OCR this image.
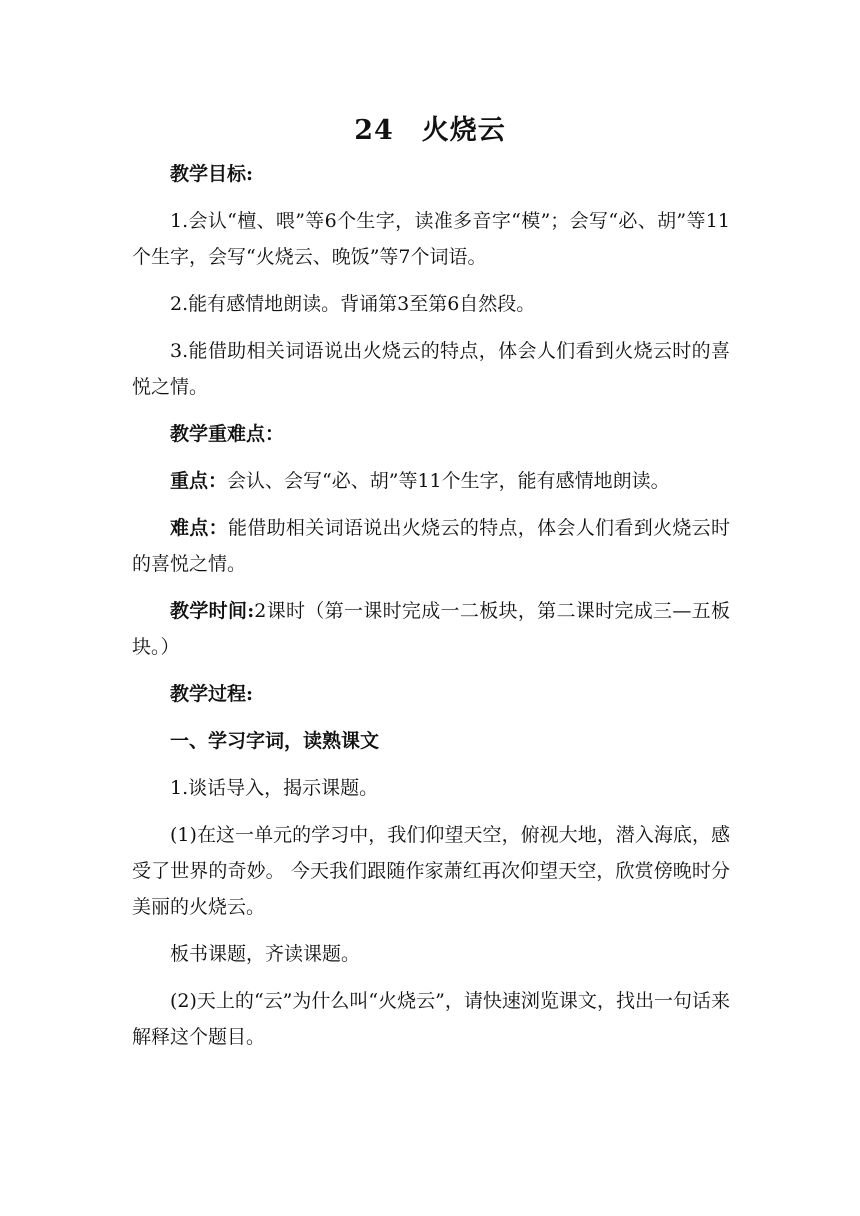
24 火烧云

教学目标:

1.会认“檀、喂”等6个生字，读准多音字“模”；会写“必、胡”等11个生字，会写“火烧云、晚饭”等7个词语。

2.能有感情地朗读。背诵第3至第6自然段。

3.能借助相关词语说出火烧云的特点，体会人们看到火烧云时的喜悦之情。

教学重难点：

重点：会认、会写“必、胡”等11个生字，能有感情地朗读。

难点：能借助相关词语说出火烧云的特点，体会人们看到火烧云时的喜悦之情。

教学时间:2课时（第一课时完成一二板块，第二课时完成三—五板块。）

教学过程:

一、学习字词，读熟课文

1.谈话导入，揭示课题。

(1)在这一单元的学习中，我们仰望天空，俯视大地，潜入海底，感受了世界的奇妙。 今天我们跟随作家萧红再次仰望天空，欣赏傍晚时分美丽的火烧云。

板书课题，齐读课题。

(2)天上的“云”为什么叫“火烧云”，请快速浏览课文，找出一句话来解释这个题目。
